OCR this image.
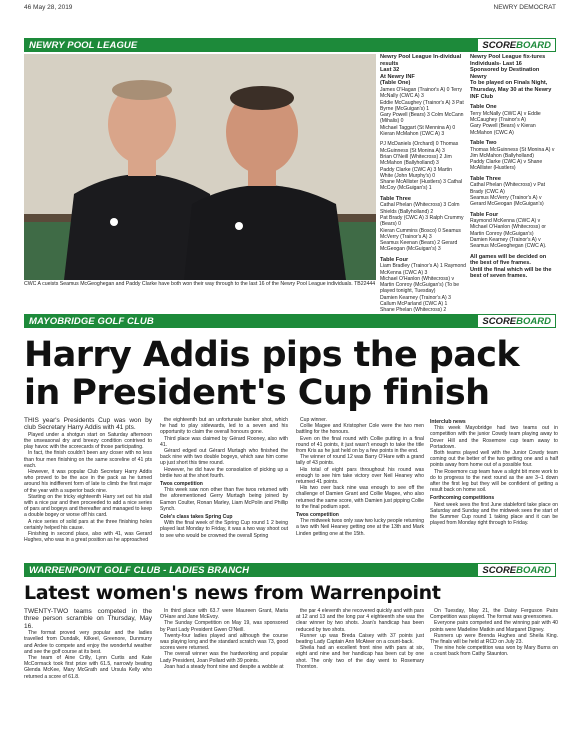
46 May 28, 2019	NEWRY DEMOCRAT
NEWRY POOL LEAGUE	SCORE BOARD
CWC A cueists Seamus McGeoghegan and Paddy Clarke have both won their way through to the last 16 of the Newry Pool League individuals. TB22444
Newry Pool League In-dividual results
Last 32
At Newry INF
(Table One)
James O'Hagan (Trainor's A) 0 Terry McNally (CWC A) 3
Eddie McCaughey (Trainor's A) 3 Pat Byrne (McGuigan's) 1
Gary Powell (Bears) 3 Colm McCann (Mihalis) 0
Michael Taggart (St Mennina A) 0 Kieran McMahon (CWC A) 3
PJ McDaniels (Orchard) 0 Thomas McGuinness (St Monina A) 3
Brian O'Neill (Whitecross) 2 Jim McMahon (Ballyholland) 3
Paddy Clarke (CWC A) 3 Martin White (John Murphy's) 0
Shane McAllister (Hustlers) 3 Cathal McCoy (McGuigan's) 1
Table Three
Cathal Phelan (Whitecross) 3 Colm Shields (Ballyholland) 2
Pat Brady (CWC A) 3 Ralph Crummy (Bears) 0
Kieran Cummins (Bosco) 0 Seamus McVerry (Trainor's A) 3
Seamus Keenan (Bears) 2 Gerard McGeogan (McGuigan's) 3
Table Four
Liam Bradley (Trainor's A) 1 Raymond McKenna (CWC A) 3
Michael O'Hanlon (Whitecross) v Martin Conroy (McGuigan's) (To be played tonight, Tuesday)
Damien Kearney (Trainor's A) 3 Callum McParland (CWC A) 1
Shane Phelan (Whitecross) 2
Newry Pool League fix-tures
Individuals- Last 16
Sponsored by Destination Newry
To be played on Finals Night, Thursday, May 30 at the Newry INF Club
Table One
Terry McNally (CWC A) v Eddie McCaughey (Trainor's A)
Gary Powell (Bears) v Kieran McMahon (CWC A)
Table Two
Thomas McGuinness (St Monina A) v Jim McMahon (Ballyholland)
Paddy Clarke (CWC A) v Shane McAllister (Hustlers)
Table Three
Cathal Phelan (Whitecross) v Pat Brady (CWC A)
Seamus McVerry (Trainor's A) v Gerard McGeogan (McGuigan's)
Table Four
Raymond McKenna (CWC A) v Michael O'Hanlon (Whitecross) or Martin Conroy (McGuigan's)
Damien Kearney (Trainor's A) v Seamus McGeoghegan (CWC A).
All games will be decided on the best of five frames.
Until the final which will be the best of seven frames.
MAYOBRIDGE GOLF CLUB	SCORE BOARD
Harry Addis pips the pack in President's Cup finish

THIS year's Presidents Cup was won by club Secretary Harry Addis with 41 pts.

Played under a shotgun start on Saturday afternoon the unseasonal dry and breezy condition contrived to play havoc with the scorecards of those participating.

In fact, the finish couldn't been any closer with no less than four men finishing on the same scoreline of 41 pts each.

However, it was popular Club Secretary Harry Addis who proved to be the ace in the pack as he turned around his indifferent form of late to climb the first major of the year with a superior back nine.

Starting on the tricky eighteenth Harry set out his stall with a nice par and then proceeded to add a nice series of pars and bogeys and thereafter and managed to keep a double bogey or worse off his card.

A nice series of solid pars at the three finishing holes certainly helped his cause.

Finishing in second place, also with 41, was Gerard Hughes, who was in a great position as he approached

the eighteenth but an unfortunate bunker shot, which he had to play sidewards, led to a seven and his opportunity to claim the overall honours gone.

Third place was claimed by Gérard Rooney, also with 41.

Gérard edged out Gérard Murtagh who finished the back nine with two double bogeys, which saw him come up just short this time round.

However, he did have the consolation of picking up a birdie two at the short fourth.

Twos competition

This week saw non other than five twos returned with the aforementioned Gerry Murtagh being joined by Eamon Coulter, Ronan Marley, Liam McPolin and Phillip Synch.

Cole's class takes Spring Cup

With the final week of the Spring Cup round 1 2 being played last Monday to Friday, it was a two way shoot out to see who would be crowned the overall Spring

Cup winner.

Collie Magee and Kristopher Cole were the two men battling for the honours.

Even on the final round with Collie putting in a final round of 41 points, it just wasn't enough to take the title from Kris as he just held on by a few points in the end.

The winner of round 12 was Barry O'Hare with a grand tally of 43 points.

His total of eight pars throughout his round was enough to see him take victory over Neil Heaney who returned 41 points.

His two over back nine was enough to see off the challenge of Damien Grant and Collie Magee, who also returned the same score, with Damien just pipping Collie to the final podium spot.

Twos competition

The midweek twos only saw two lucky people returning a two with Neil Heaney getting one at the 13th and Mark Linden getting one at the 15th.

Interclub news

This week Mayobridge had two teams out in competition with the junior Cowdy team playing away to Dover Hill and the Rosemore cup team away to Portadown.

Both teams played well with the Junior Cowdy team coming out the better of the two getting one and a half points away from home out of a possible four.

The Rosemore cup team have a slight bit more work to do to progress to the next round as the are 3–1 down after the first leg but they will be confident of getting a result back on home soil.

Forthcoming competitions

Next week sees the first June stableford take place on Saturday and Sunday and the midweek sees the start of the Summer Cup round 1 taking place and it can be played from Monday right through to Friday.

WARRENPOINT GOLF CLUB - LADIES BRANCH	SCORE BOARD
Latest women's news from Warrenpoint

TWENTY-TWO teams competed in the three person scramble on Thursday, May 16.

The format proved very popular and the ladies travelled from Dundalk, Kilkeel, Greenore, Dunmurry and Ardee to compete and enjoy the wonderful weather and see the golf course at its best.

The team of Aine Crilly, Lynn Curtis and Kate McCormack took first prize with 61.5, narrowly beating Glenda McKee, Mary McGrath and Ursula Kelly who returned a score of 61.8.

In third place with 63.7 were Maureen Grant, Maria O'Hare and Jane McEvoy.

The Sunday Competition on May 19, was sponsored by Past Lady President Gwen O'Neill.

Twenty-four ladies played and although the course was playing long and the standard scratch was 73, good scores were returned.

The overall winner was the hardworking and popular Lady President, Joan Pollard with 39 points.

Joan had a steady front nine and despite a wobble at

the par 4 eleventh she recovered quickly and with pars at 12 and 13 and the long par 4 eighteenth she was the clear winner by two shots. Joan's handicap has been reduced by two shots.

Runner up was Breda Caisey with 37 points just beating Lady Captain Ann McAteer on a count-back.

Sheila had an excellent front nine with pars at six, eight and nine and her handicap has been cut by one shot. The only two of the day went to Rosemary Thornton.

On Tuesday, May 21, the Daisy Ferguson Pairs Competition was played. The format was greensomes.

Everyone pairs competed and the winning pair with 40 points were Madeline Matkin and Margaret Digney.

Runners up were Brenda Hughes and Sheila King. The finals will be held at RCD on July 23.

The nine hole competition was won by Mary Burns on a count back from Cathy Staunton.
